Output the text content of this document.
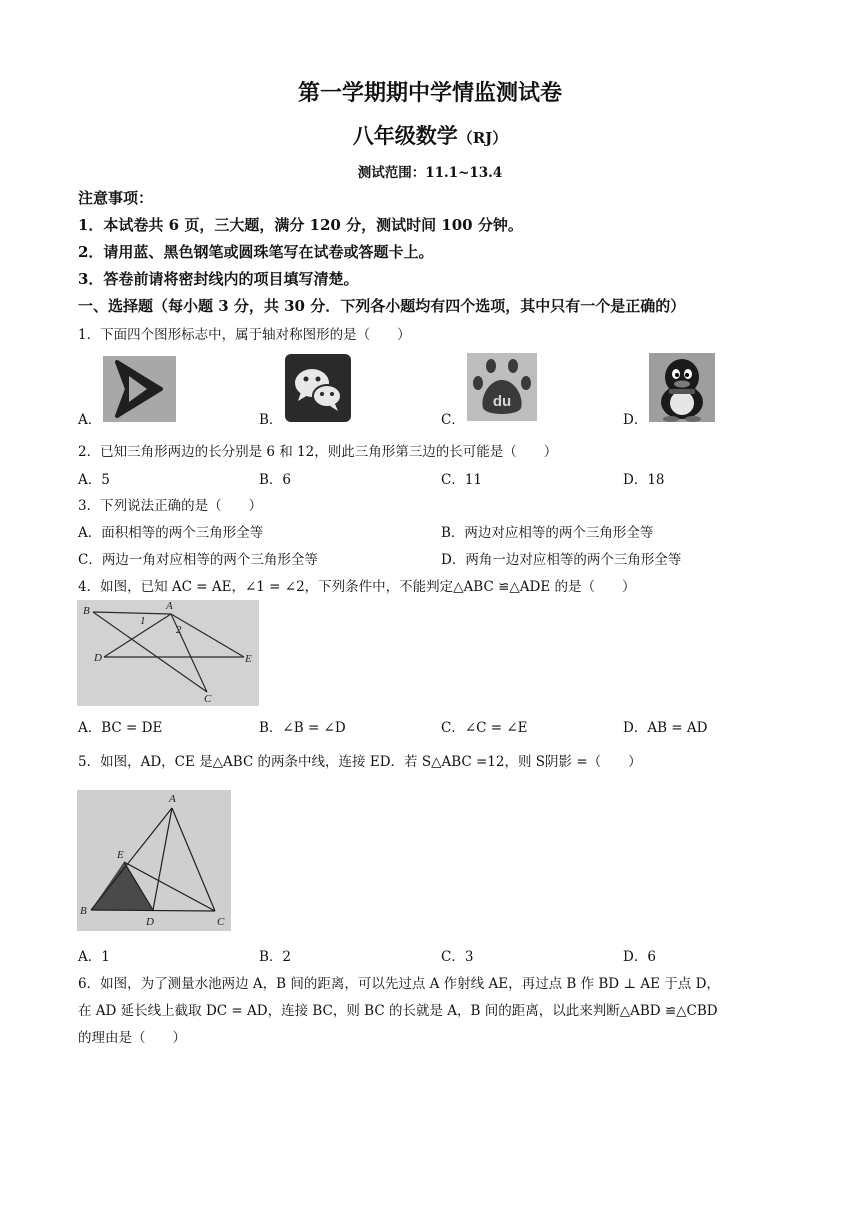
第一学期期中学情监测试卷
八年级数学（RJ）
测试范围：11.1~13.4
注意事项：
1．本试卷共 6 页，三大题，满分 120 分，测试时间 100 分钟。
2．请用蓝、黑色钢笔或圆珠笔写在试卷或答题卡上。
3．答卷前请将密封线内的项目填写清楚。
一、选择题（每小题 3 分，共 30 分．下列各小题均有四个选项，其中只有一个是正确的）
1．下面四个图形标志中，属于轴对称图形的是（　　）
A．	B．	C．
du
D．
2．已知三角形两边的长分别是 6 和 12，则此三角形第三边的长可能是（　　）
A．5	B．6	C．11	D．18
3．下列说法正确的是（　　）
A．面积相等的两个三角形全等	B．两边对应相等的两个三角形全等
C．两边一角对应相等的两个三角形全等	D．两角一边对应相等的两个三角形全等
4．如图，已知 AC = AE，∠1 = ∠2，下列条件中，不能判定△ABC ≌△ADE 的是（　　）
B	A
1
2
D	E
C
A．BC = DE	B．∠B = ∠D	C．∠C = ∠E	D．AB = AD
5．如图，AD，CE 是△ABC 的两条中线，连接 ED．若 S△ABC =12，则 S阴影 =（　　）
A
E
B
D	C
A．1	B．2	C．3	D．6
6．如图，为了测量水池两边 A，B 间的距离，可以先过点 A 作射线 AE，再过点 B 作 BD ⊥ AE 于点 D，
在 AD 延长线上截取 DC = AD，连接 BC，则 BC 的长就是 A，B 间的距离，以此来判断△ABD ≌△CBD
的理由是（　　）
